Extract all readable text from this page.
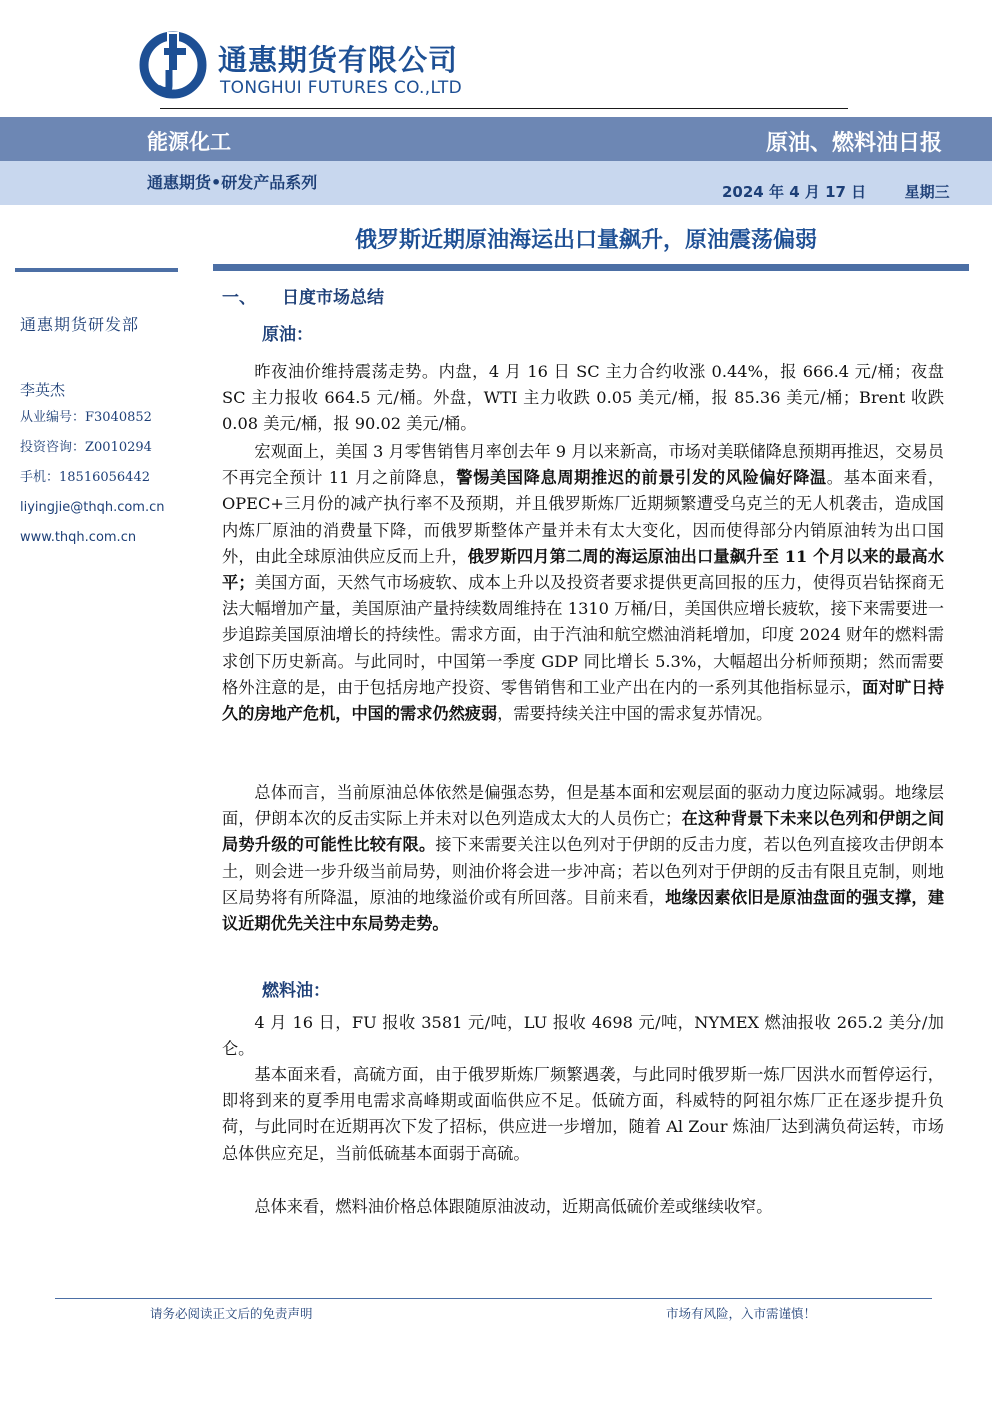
通惠期货有限公司
TONGHUI FUTURES CO.,LTD
能源化工	原油、燃料油日报
通惠期货•研发产品系列	2024 年 4 月 17 日	星期三
俄罗斯近期原油海运出口量飙升，原油震荡偏弱
通惠期货研发部
李英杰
从业编号：F3040852
投资咨询：Z0010294
手机：18516056442
liyingjie@thqh.com.cn
www.thqh.com.cn
一、 日度市场总结
原油：
昨夜油价维持震荡走势。内盘，4 月 16 日 SC 主力合约收涨 0.44%，报 666.4 元/桶；夜盘 SC 主力报收 664.5 元/桶。外盘，WTI 主力收跌 0.05 美元/桶，报 85.36 美元/桶；Brent 收跌 0.08 美元/桶，报 90.02 美元/桶。
宏观面上，美国 3 月零售销售月率创去年 9 月以来新高，市场对美联储降息预期再推迟，交易员不再完全预计 11 月之前降息，警惕美国降息周期推迟的前景引发的风险偏好降温。基本面来看，OPEC+三月份的减产执行率不及预期，并且俄罗斯炼厂近期频繁遭受乌克兰的无人机袭击，造成国内炼厂原油的消费量下降，而俄罗斯整体产量并未有太大变化，因而使得部分内销原油转为出口国外，由此全球原油供应反而上升，俄罗斯四月第二周的海运原油出口量飙升至 11 个月以来的最高水平；美国方面，天然气市场疲软、成本上升以及投资者要求提供更高回报的压力，使得页岩钻探商无法大幅增加产量，美国原油产量持续数周维持在 1310 万桶/日，美国供应增长疲软，接下来需要进一步追踪美国原油增长的持续性。需求方面，由于汽油和航空燃油消耗增加，印度 2024 财年的燃料需求创下历史新高。与此同时，中国第一季度 GDP 同比增长 5.3%，大幅超出分析师预期；然而需要格外注意的是，由于包括房地产投资、零售销售和工业产出在内的一系列其他指标显示，面对旷日持久的房地产危机，中国的需求仍然疲弱，需要持续关注中国的需求复苏情况。
总体而言，当前原油总体依然是偏强态势，但是基本面和宏观层面的驱动力度边际减弱。地缘层面，伊朗本次的反击实际上并未对以色列造成太大的人员伤亡；在这种背景下未来以色列和伊朗之间局势升级的可能性比较有限。接下来需要关注以色列对于伊朗的反击力度，若以色列直接攻击伊朗本土，则会进一步升级当前局势，则油价将会进一步冲高；若以色列对于伊朗的反击有限且克制，则地区局势将有所降温，原油的地缘溢价或有所回落。目前来看，地缘因素依旧是原油盘面的强支撑，建议近期优先关注中东局势走势。
燃料油：
4 月 16 日，FU 报收 3581 元/吨，LU 报收 4698 元/吨，NYMEX 燃油报收 265.2 美分/加仑。
基本面来看，高硫方面，由于俄罗斯炼厂频繁遇袭，与此同时俄罗斯一炼厂因洪水而暂停运行，即将到来的夏季用电需求高峰期或面临供应不足。低硫方面，科威特的阿祖尔炼厂正在逐步提升负荷，与此同时在近期再次下发了招标，供应进一步增加，随着 Al Zour 炼油厂达到满负荷运转，市场总体供应充足，当前低硫基本面弱于高硫。
总体来看，燃料油价格总体跟随原油波动，近期高低硫价差或继续收窄。
请务必阅读正文后的免责声明	市场有风险，入市需谨慎！
